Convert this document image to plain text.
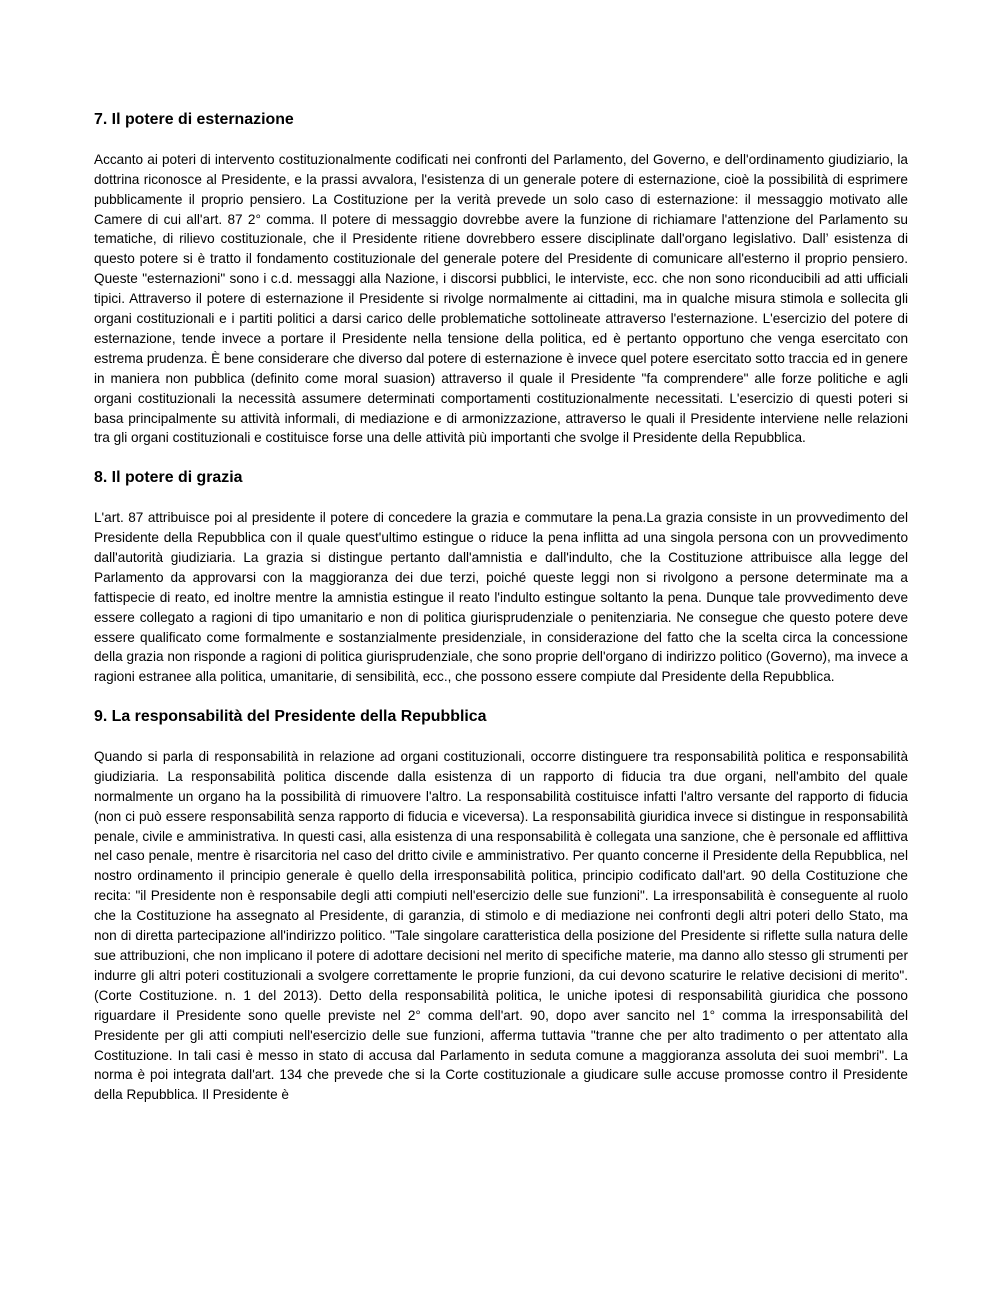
7. Il potere di esternazione

Accanto ai poteri di intervento costituzionalmente codificati nei confronti del Parlamento, del Governo, e dell'ordinamento giudiziario, la dottrina riconosce al Presidente, e la prassi avvalora, l'esistenza di un generale potere di esternazione, cioè la possibilità di esprimere pubblicamente il proprio pensiero. La Costituzione per la verità prevede un solo caso di esternazione: il messaggio motivato alle Camere di cui all'art. 87 2° comma. Il potere di messaggio dovrebbe avere la funzione di richiamare l'attenzione del Parlamento su tematiche, di rilievo costituzionale, che il Presidente ritiene dovrebbero essere disciplinate dall'organo legislativo. Dall’ esistenza di questo potere si è tratto il fondamento costituzionale del generale potere del Presidente di comunicare all'esterno il proprio pensiero. Queste "esternazioni" sono i c.d. messaggi alla Nazione, i discorsi pubblici, le interviste, ecc. che non sono riconducibili ad atti ufficiali tipici. Attraverso il potere di esternazione il Presidente si rivolge normalmente ai cittadini, ma in qualche misura stimola e sollecita gli organi costituzionali e i partiti politici a darsi carico delle problematiche sottolineate attraverso l'esternazione. L'esercizio del potere di esternazione, tende invece a portare il Presidente nella tensione della politica, ed è pertanto opportuno che venga esercitato con estrema prudenza. È bene considerare che diverso dal potere di esternazione è invece quel potere esercitato sotto traccia ed in genere in maniera non pubblica (definito come moral suasion) attraverso il quale il Presidente "fa comprendere" alle forze politiche e agli organi costituzionali la necessità assumere determinati comportamenti costituzionalmente necessitati. L'esercizio di questi poteri si basa principalmente su attività informali, di mediazione e di armonizzazione, attraverso le quali il Presidente interviene nelle relazioni tra gli organi costituzionali e costituisce forse una delle attività più importanti che svolge il Presidente della Repubblica.

8. Il potere di grazia

L'art. 87 attribuisce poi al presidente il potere di concedere la grazia e commutare la pena.La grazia consiste in un provvedimento del Presidente della Repubblica con il quale quest'ultimo estingue o riduce la pena inflitta ad una singola persona con un provvedimento dall'autorità giudiziaria. La grazia si distingue pertanto dall'amnistia e dall'indulto, che la Costituzione attribuisce alla legge del Parlamento da approvarsi con la maggioranza dei due terzi, poiché queste leggi non si rivolgono a persone determinate ma a fattispecie di reato, ed inoltre mentre la amnistia estingue il reato l'indulto estingue soltanto la pena. Dunque tale provvedimento deve essere collegato a ragioni di tipo umanitario e non di politica giurisprudenziale o penitenziaria. Ne consegue che questo potere deve essere qualificato come formalmente e sostanzialmente presidenziale, in considerazione del fatto che la scelta circa la concessione della grazia non risponde a ragioni di politica giurisprudenziale, che sono proprie dell'organo di indirizzo politico (Governo), ma invece a ragioni estranee alla politica, umanitarie, di sensibilità, ecc., che possono essere compiute dal Presidente della Repubblica.

9. La responsabilità del Presidente della Repubblica

Quando si parla di responsabilità in relazione ad organi costituzionali, occorre distinguere tra responsabilità politica e responsabilità giudiziaria. La responsabilità politica discende dalla esistenza di un rapporto di fiducia tra due organi, nell'ambito del quale normalmente un organo ha la possibilità di rimuovere l'altro. La responsabilità costituisce infatti l'altro versante del rapporto di fiducia (non ci può essere responsabilità senza rapporto di fiducia e viceversa). La responsabilità giuridica invece si distingue in responsabilità penale, civile e amministrativa. In questi casi, alla esistenza di una responsabilità è collegata una sanzione, che è personale ed afflittiva nel caso penale, mentre è risarcitoria nel caso del dritto civile e amministrativo. Per quanto concerne il Presidente della Repubblica, nel nostro ordinamento il principio generale è quello della irresponsabilità politica, principio codificato dall'art. 90 della Costituzione che recita: "il Presidente non è responsabile degli atti compiuti nell'esercizio delle sue funzioni". La irresponsabilità è conseguente al ruolo che la Costituzione ha assegnato al Presidente, di garanzia, di stimolo e di mediazione nei confronti degli altri poteri dello Stato, ma non di diretta partecipazione all'indirizzo politico. "Tale singolare caratteristica della posizione del Presidente si riflette sulla natura delle sue attribuzioni, che non implicano il potere di adottare decisioni nel merito di specifiche materie, ma danno allo stesso gli strumenti per indurre gli altri poteri costituzionali a svolgere correttamente le proprie funzioni, da cui devono scaturire le relative decisioni di merito". (Corte Costituzione. n. 1 del 2013). Detto della responsabilità politica, le uniche ipotesi di responsabilità giuridica che possono riguardare il Presidente sono quelle previste nel 2° comma dell'art. 90, dopo aver sancito nel 1° comma la irresponsabilità del Presidente per gli atti compiuti nell'esercizio delle sue funzioni, afferma tuttavia "tranne che per alto tradimento o per attentato alla Costituzione. In tali casi è messo in stato di accusa dal Parlamento in seduta comune a maggioranza assoluta dei suoi membri". La norma è poi integrata dall'art. 134 che prevede che si la Corte costituzionale a giudicare sulle accuse promosse contro il Presidente della Repubblica. Il Presidente è
